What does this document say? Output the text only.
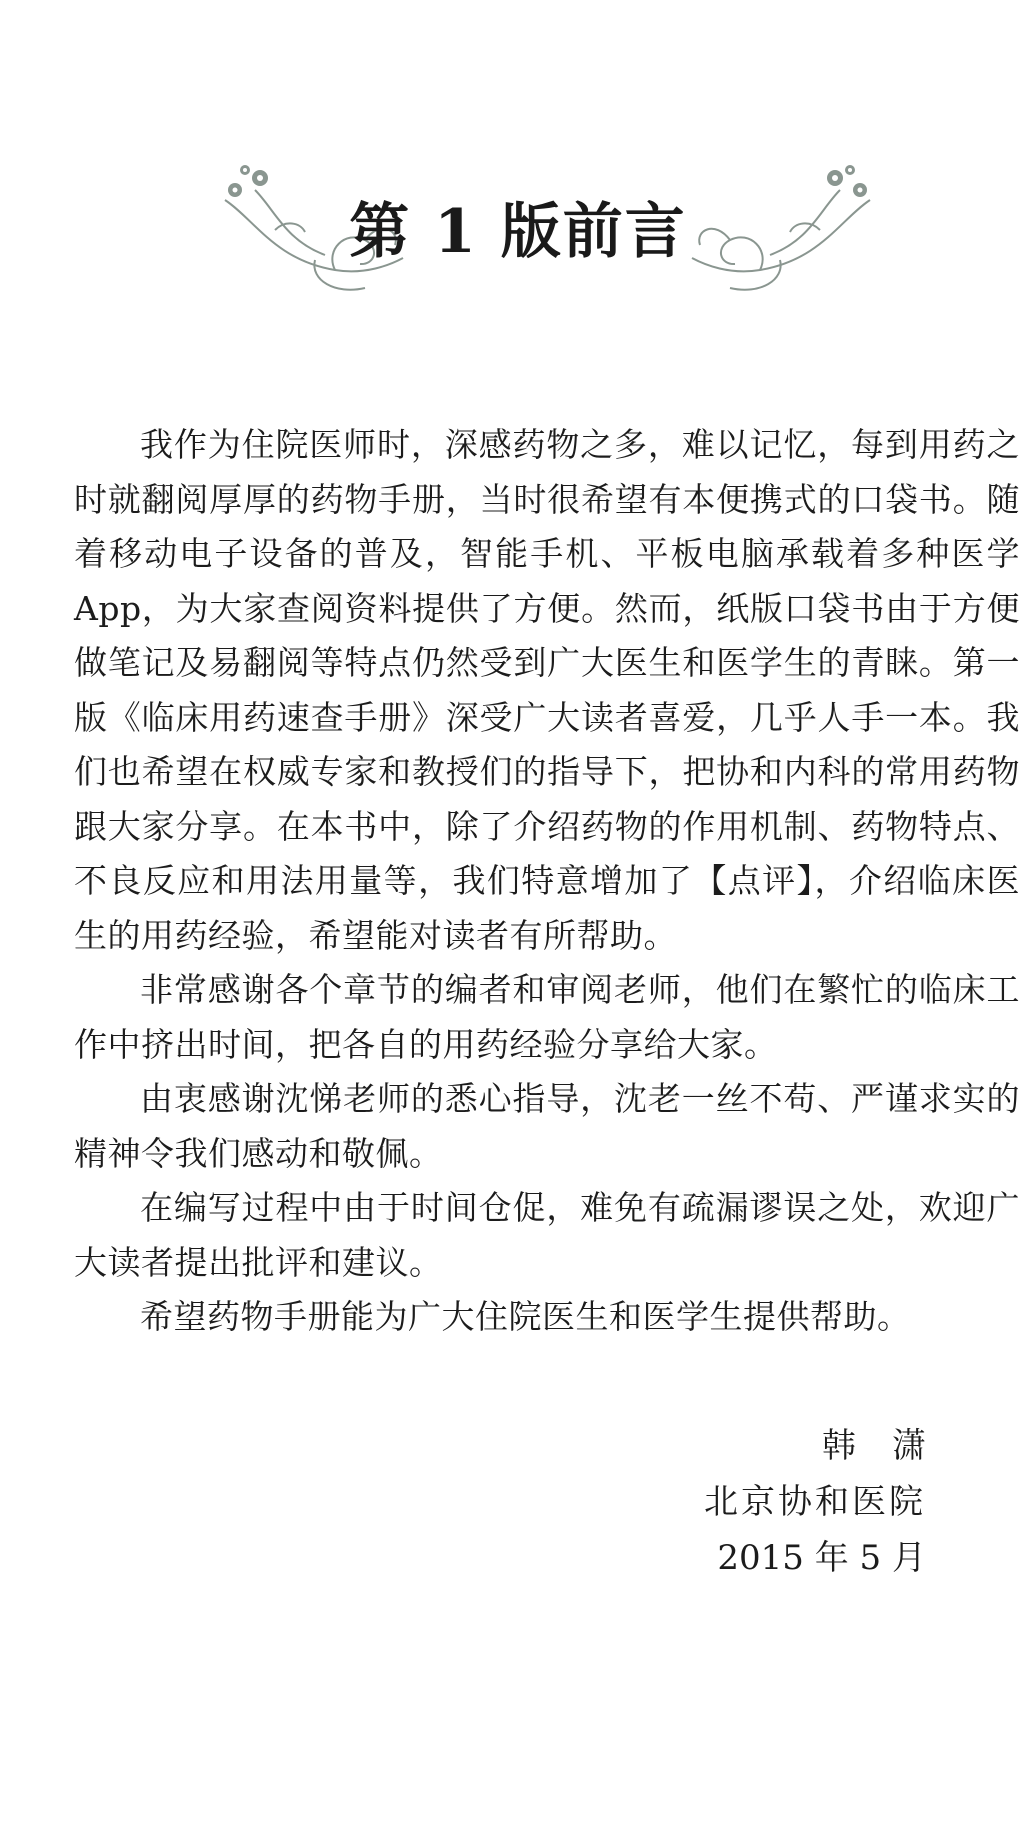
第 1 版前言

我作为住院医师时，深感药物之多，难以记忆，每到用药之时就翻阅厚厚的药物手册，当时很希望有本便携式的口袋书。随着移动电子设备的普及，智能手机、平板电脑承载着多种医学App，为大家查阅资料提供了方便。然而，纸版口袋书由于方便做笔记及易翻阅等特点仍然受到广大医生和医学生的青睐。第一版《临床用药速查手册》深受广大读者喜爱，几乎人手一本。我们也希望在权威专家和教授们的指导下，把协和内科的常用药物跟大家分享。在本书中，除了介绍药物的作用机制、药物特点、不良反应和用法用量等，我们特意增加了【点评】，介绍临床医生的用药经验，希望能对读者有所帮助。

非常感谢各个章节的编者和审阅老师，他们在繁忙的临床工作中挤出时间，把各自的用药经验分享给大家。

由衷感谢沈悌老师的悉心指导，沈老一丝不苟、严谨求实的精神令我们感动和敬佩。

在编写过程中由于时间仓促，难免有疏漏谬误之处，欢迎广大读者提出批评和建议。

希望药物手册能为广大住院医生和医学生提供帮助。

韩潇
北京协和医院
2015 年 5 月
